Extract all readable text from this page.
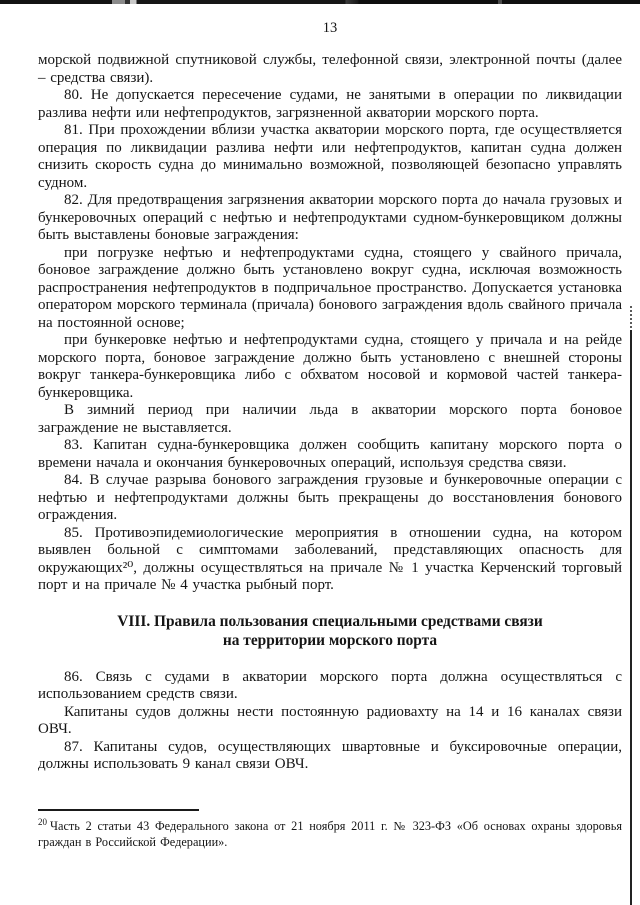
13

морской подвижной спутниковой службы, телефонной связи, электронной почты (далее – средства связи).

80. Не допускается пересечение судами, не занятыми в операции по ликвидации разлива нефти или нефтепродуктов, загрязненной акватории морского порта.

81. При прохождении вблизи участка акватории морского порта, где осуществляется операция по ликвидации разлива нефти или нефтепродуктов, капитан судна должен снизить скорость судна до минимально возможной, позволяющей безопасно управлять судном.

82. Для предотвращения загрязнения акватории морского порта до начала грузовых и бункеровочных операций с нефтью и нефтепродуктами судном-бункеровщиком должны быть выставлены боновые заграждения:

при погрузке нефтью и нефтепродуктами судна, стоящего у свайного причала, боновое заграждение должно быть установлено вокруг судна, исключая возможность распространения нефтепродуктов в подпричальное пространство. Допускается установка оператором морского терминала (причала) бонового заграждения вдоль свайного причала на постоянной основе;

при бункеровке нефтью и нефтепродуктами судна, стоящего у причала и на рейде морского порта, боновое заграждение должно быть установлено с внешней стороны вокруг танкера-бункеровщика либо с обхватом носовой и кормовой частей танкера-бункеровщика.

В зимний период при наличии льда в акватории морского порта боновое заграждение не выставляется.

83. Капитан судна-бункеровщика должен сообщить капитану морского порта о времени начала и окончания бункеровочных операций, используя средства связи.

84. В случае разрыва бонового заграждения грузовые и бункеровочные операции с нефтью и нефтепродуктами должны быть прекращены до восстановления бонового ограждения.

85. Противоэпидемиологические мероприятия в отношении судна, на котором выявлен больной с симптомами заболеваний, представляющих опасность для окружающих²⁰, должны осуществляться на причале № 1 участка Керченский торговый порт и на причале № 4 участка рыбный порт.

VIII. Правила пользования специальными средствами связи
на территории морского порта

86. Связь с судами в акватории морского порта должна осуществляться с использованием средств связи.

Капитаны судов должны нести постоянную радиовахту на 14 и 16 каналах связи ОВЧ.

87. Капитаны судов, осуществляющих швартовные и буксировочные операции, должны использовать 9 канал связи ОВЧ.

$^{20}$ Часть 2 статьи 43 Федерального закона от 21 ноября 2011 г. № 323-ФЗ «Об основах охраны здоровья граждан в Российской Федерации».
